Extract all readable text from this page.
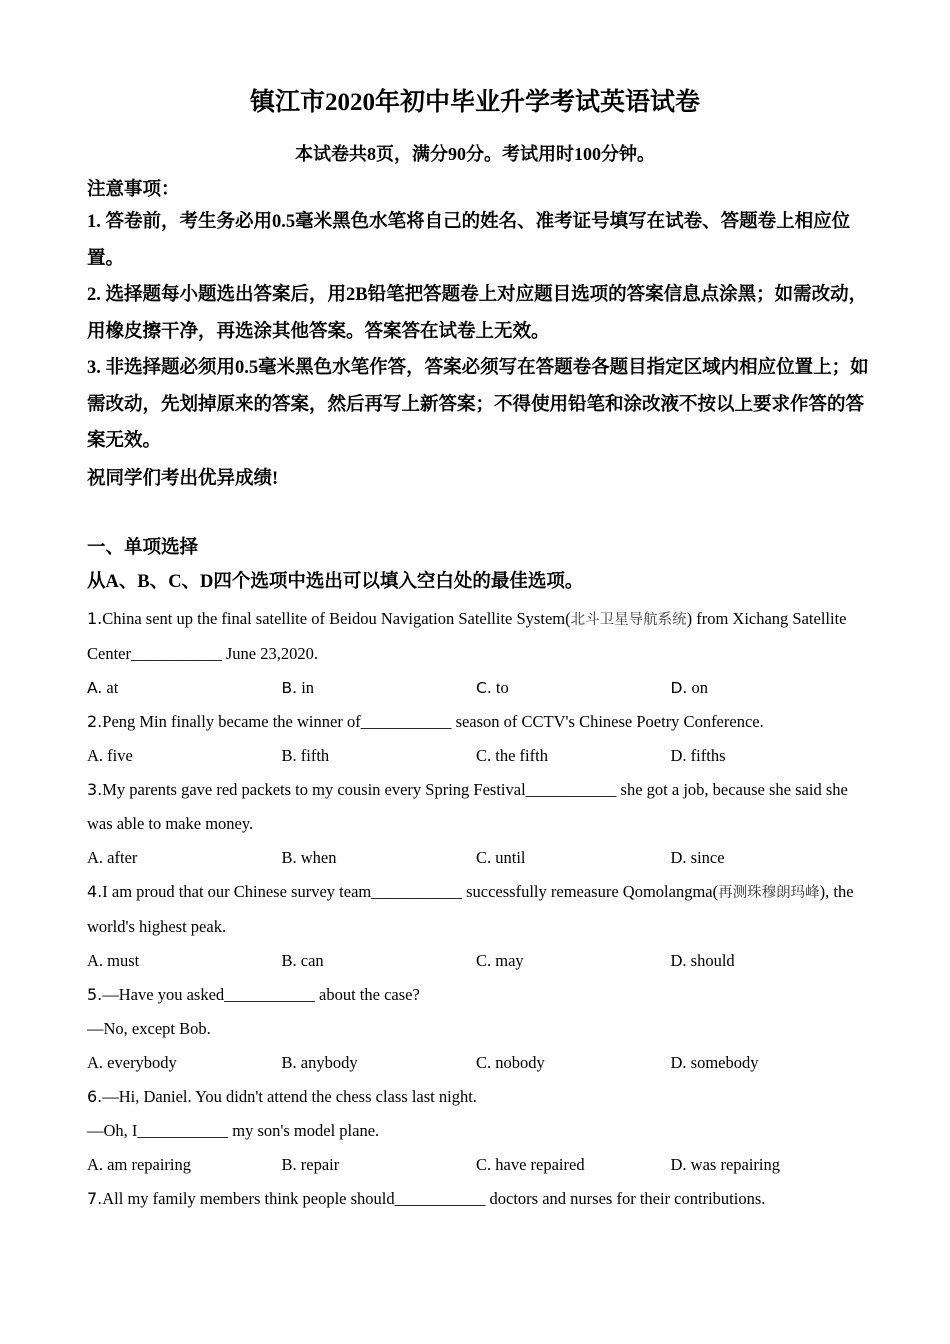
镇江市2020年初中毕业升学考试英语试卷

本试卷共8页，满分90分。考试用时100分钟。

注意事项：

1. 答卷前，考生务必用0.5毫米黑色水笔将自己的姓名、准考证号填写在试卷、答题卷上相应位置。

2. 选择题每小题选出答案后，用2B铅笔把答题卷上对应题目选项的答案信息点涂黑；如需改动，用橡皮擦干净，再选涂其他答案。答案答在试卷上无效。

3. 非选择题必须用0.5毫米黑色水笔作答，答案必须写在答题卷各题目指定区域内相应位置上；如需改动，先划掉原来的答案，然后再写上新答案；不得使用铅笔和涂改液不按以上要求作答的答案无效。

祝同学们考出优异成绩!

一、单项选择

从A、B、C、D四个选项中选出可以填入空白处的最佳选项。

1.China sent up the final satellite of Beidou Navigation Satellite System(北斗卫星导航系统) from Xichang Satellite Center___________ June 23,2020.

A. at	B. in	C. to	D. on

2.Peng Min finally became the winner of___________ season of CCTV's Chinese Poetry Conference.

A. five	B. fifth	C. the fifth	D. fifths

3.My parents gave red packets to my cousin every Spring Festival___________ she got a job, because she said she was able to make money.

A. after	B. when	C. until	D. since

4.I am proud that our Chinese survey team___________ successfully remeasure Qomolangma(再测珠穆朗玛峰), the world's highest peak.

A. must	B. can	C. may	D. should

5.—Have you asked___________ about the case?

—No, except Bob.

A. everybody	B. anybody	C. nobody	D. somebody

6.—Hi, Daniel. You didn't attend the chess class last night.

—Oh, I___________ my son's model plane.

A. am repairing	B. repair	C. have repaired	D. was repairing

7.All my family members think people should___________ doctors and nurses for their contributions.
